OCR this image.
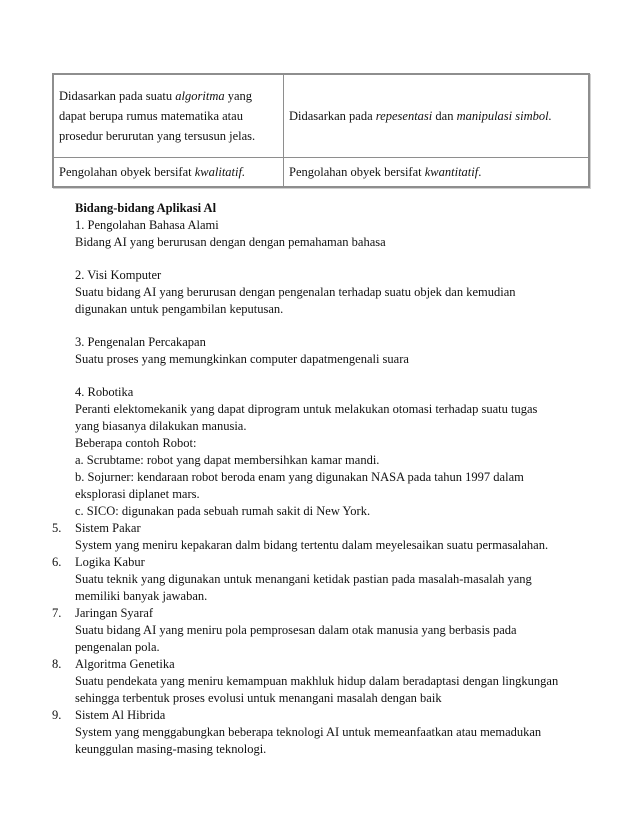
Didasarkan pada suatu algoritma yang
dapat berupa rumus matematika atau
prosedur berurutan yang tersusun jelas.	Didasarkan pada repesentasi dan manipulasi simbol.
Pengolahan obyek bersifat kwalitatif.	Pengolahan obyek bersifat kwantitatif.
Bidang-bidang Aplikasi Al
1. Pengolahan Bahasa Alami
Bidang AI yang berurusan dengan dengan pemahaman bahasa
2. Visi Komputer
Suatu bidang AI yang berurusan dengan pengenalan terhadap suatu objek dan kemudian
digunakan untuk pengambilan keputusan.
3. Pengenalan Percakapan
Suatu proses yang memungkinkan computer dapatmengenali suara
4. Robotika
Peranti elektomekanik yang dapat diprogram untuk melakukan otomasi terhadap suatu tugas
yang biasanya dilakukan manusia.
Beberapa contoh Robot:
a. Scrubtame: robot yang dapat membersihkan kamar mandi.
b. Sojurner: kendaraan robot beroda enam yang digunakan NASA pada tahun 1997 dalam
eksplorasi diplanet mars.
c. SICO: digunakan pada sebuah rumah sakit di New York.
5. Sistem Pakar
System yang meniru kepakaran dalm bidang tertentu dalam meyelesaikan suatu permasalahan.
6. Logika Kabur
Suatu teknik yang digunakan untuk menangani ketidak pastian pada masalah-masalah yang
memiliki banyak jawaban.
7. Jaringan Syaraf
Suatu bidang AI yang meniru pola pemprosesan dalam otak manusia yang berbasis pada
pengenalan pola.
8. Algoritma Genetika
Suatu pendekata yang meniru kemampuan makhluk hidup dalam beradaptasi dengan lingkungan
sehingga terbentuk proses evolusi untuk menangani masalah dengan baik
9. Sistem Al Hibrida
System yang menggabungkan beberapa teknologi AI untuk memeanfaatkan atau memadukan
keunggulan masing-masing teknologi.
